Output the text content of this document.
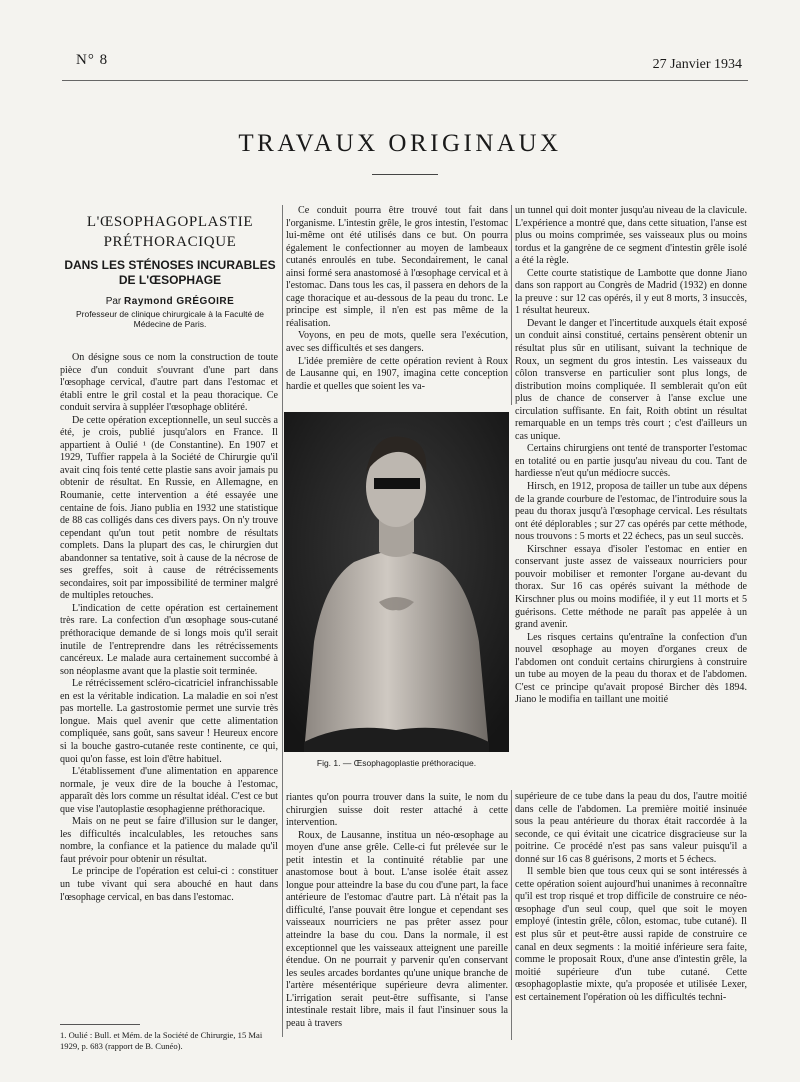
N° 8	27 Janvier 1934
TRAVAUX ORIGINAUX
L'ŒSOPHAGOPLASTIE PRÉTHORACIQUE
DANS LES STÉNOSES INCURABLES DE L'ŒSOPHAGE
Par Raymond GRÉGOIRE
Professeur de clinique chirurgicale à la Faculté de Médecine de Paris.

On désigne sous ce nom la construction de toute pièce d'un conduit s'ouvrant d'une part dans l'œsophage cervical, d'autre part dans l'estomac et établi entre le gril costal et la peau thoracique. Ce conduit servira à suppléer l'œsophage oblitéré.

De cette opération exceptionnelle, un seul succès a été, je crois, publié jusqu'alors en France. Il appartient à Oulié ¹ (de Constantine). En 1907 et 1929, Tuffier rappela à la Société de Chirurgie qu'il avait cinq fois tenté cette plastie sans avoir jamais pu obtenir de résultat. En Russie, en Allemagne, en Roumanie, cette intervention a été essayée une centaine de fois. Jiano publia en 1932 une statistique de 88 cas colligés dans ces divers pays. On n'y trouve cependant qu'un tout petit nombre de résultats complets. Dans la plupart des cas, le chirurgien dut abandonner sa tentative, soit à cause de la nécrose de ses greffes, soit à cause de rétrécissements secondaires, soit par impossibilité de terminer malgré de multiples retouches.

L'indication de cette opération est certainement très rare. La confection d'un œsophage sous-cutané préthoracique demande de si longs mois qu'il serait inutile de l'entreprendre dans les rétrécissements cancéreux. Le malade aura certainement succombé à son néoplasme avant que la plastie soit terminée.

Le rétrécissement scléro-cicatriciel infranchissable en est la véritable indication. La maladie en soi n'est pas mortelle. La gastrostomie permet une survie très longue. Mais quel avenir que cette alimentation compliquée, sans goût, sans saveur ! Heureux encore si la bouche gastro-cutanée reste continente, ce qui, quoi qu'on fasse, est loin d'être habituel.

L'établissement d'une alimentation en apparence normale, je veux dire de la bouche à l'estomac, apparaît dès lors comme un résultat idéal. C'est ce but que vise l'autoplastie œsophagienne préthoracique.

Mais on ne peut se faire d'illusion sur le danger, les difficultés incalculables, les retouches sans nombre, la confiance et la patience du malade qu'il faut prévoir pour obtenir un résultat.

Le principe de l'opération est celui-ci : constituer un tube vivant qui sera abouché en haut dans l'œsophage cervical, en bas dans l'estomac.

Ce conduit pourra être trouvé tout fait dans l'organisme. L'intestin grêle, le gros intestin, l'estomac lui-même ont été utilisés dans ce but. On pourra également le confectionner au moyen de lambeaux cutanés enroulés en tube. Secondairement, le canal ainsi formé sera anastomosé à l'œsophage cervical et à l'estomac. Dans tous les cas, il passera en dehors de la cage thoracique et au-dessous de la peau du tronc. Le principe est simple, il n'en est pas même de la réalisation.

Voyons, en peu de mots, quelle sera l'exécution, avec ses difficultés et ses dangers.

L'idée première de cette opération revient à Roux de Lausanne qui, en 1907, imagina cette conception hardie et quelles que soient les va-

Fig. 1. — Œsophagoplastie préthoracique.

riantes qu'on pourra trouver dans la suite, le nom du chirurgien suisse doit rester attaché à cette intervention.

Roux, de Lausanne, institua un néo-œsophage au moyen d'une anse grêle. Celle-ci fut prélevée sur le petit intestin et la continuité rétablie par une anastomose bout à bout. L'anse isolée était assez longue pour atteindre la base du cou d'une part, la face antérieure de l'estomac d'autre part. Là n'était pas la difficulté, l'anse pouvait être longue et cependant ses vaisseaux nourriciers ne pas prêter assez pour atteindre la base du cou. Dans la normale, il est exceptionnel que les vaisseaux atteignent une pareille étendue. On ne pourrait y parvenir qu'en conservant les seules arcades bordantes qu'une unique branche de l'artère mésentérique supérieure devra alimenter. L'irrigation serait peut-être suffisante, si l'anse intestinale restait libre, mais il faut l'insinuer sous la peau à travers

un tunnel qui doit monter jusqu'au niveau de la clavicule. L'expérience a montré que, dans cette situation, l'anse est plus ou moins comprimée, ses vaisseaux plus ou moins tordus et la gangrène de ce segment d'intestin grêle isolé a été la règle.

Cette courte statistique de Lambotte que donne Jiano dans son rapport au Congrès de Madrid (1932) en donne la preuve : sur 12 cas opérés, il y eut 8 morts, 3 insuccès, 1 résultat heureux.

Devant le danger et l'incertitude auxquels était exposé un conduit ainsi constitué, certains pensèrent obtenir un résultat plus sûr en utilisant, suivant la technique de Roux, un segment du gros intestin. Les vaisseaux du côlon transverse en particulier sont plus longs, de distribution moins compliquée. Il semblerait qu'on eût plus de chance de conserver à l'anse exclue une circulation suffisante. En fait, Roith obtint un résultat remarquable en un temps très court ; c'est d'ailleurs un cas unique.

Certains chirurgiens ont tenté de transporter l'estomac en totalité ou en partie jusqu'au niveau du cou. Tant de hardiesse n'eut qu'un médiocre succès.

Hirsch, en 1912, proposa de tailler un tube aux dépens de la grande courbure de l'estomac, de l'introduire sous la peau du thorax jusqu'à l'œsophage cervical. Les résultats ont été déplorables ; sur 27 cas opérés par cette méthode, nous trouvons : 5 morts et 22 échecs, pas un seul succès.

Kirschner essaya d'isoler l'estomac en entier en conservant juste assez de vaisseaux nourriciers pour pouvoir mobiliser et remonter l'organe au-devant du thorax. Sur 16 cas opérés suivant la méthode de Kirschner plus ou moins modifiée, il y eut 11 morts et 5 guérisons. Cette méthode ne paraît pas appelée à un grand avenir.

Les risques certains qu'entraîne la confection d'un nouvel œsophage au moyen d'organes creux de l'abdomen ont conduit certains chirurgiens à construire un tube au moyen de la peau du thorax et de l'abdomen. C'est ce principe qu'avait proposé Bircher dès 1894. Jiano le modifia en taillant une moitié

supérieure de ce tube dans la peau du dos, l'autre moitié dans celle de l'abdomen. La première moitié insinuée sous la peau antérieure du thorax était raccordée à la seconde, ce qui évitait une cicatrice disgracieuse sur la poitrine. Ce procédé n'est pas sans valeur puisqu'il a donné sur 16 cas 8 guérisons, 2 morts et 5 échecs.

Il semble bien que tous ceux qui se sont intéressés à cette opération soient aujourd'hui unanimes à reconnaître qu'il est trop risqué et trop difficile de construire ce néo-œsophage d'un seul coup, quel que soit le moyen employé (intestin grêle, côlon, estomac, tube cutané). Il est plus sûr et peut-être aussi rapide de construire ce canal en deux segments : la moitié inférieure sera faite, comme le proposait Roux, d'une anse d'intestin grêle, la moitié supérieure d'un tube cutané. Cette œsophagoplastie mixte, qu'a proposée et utilisée Lexer, est certainement l'opération où les difficultés techni-

1. Oulié : Bull. et Mém. de la Société de Chirurgie, 15 Mai 1929, p. 683 (rapport de B. Cunéo).
